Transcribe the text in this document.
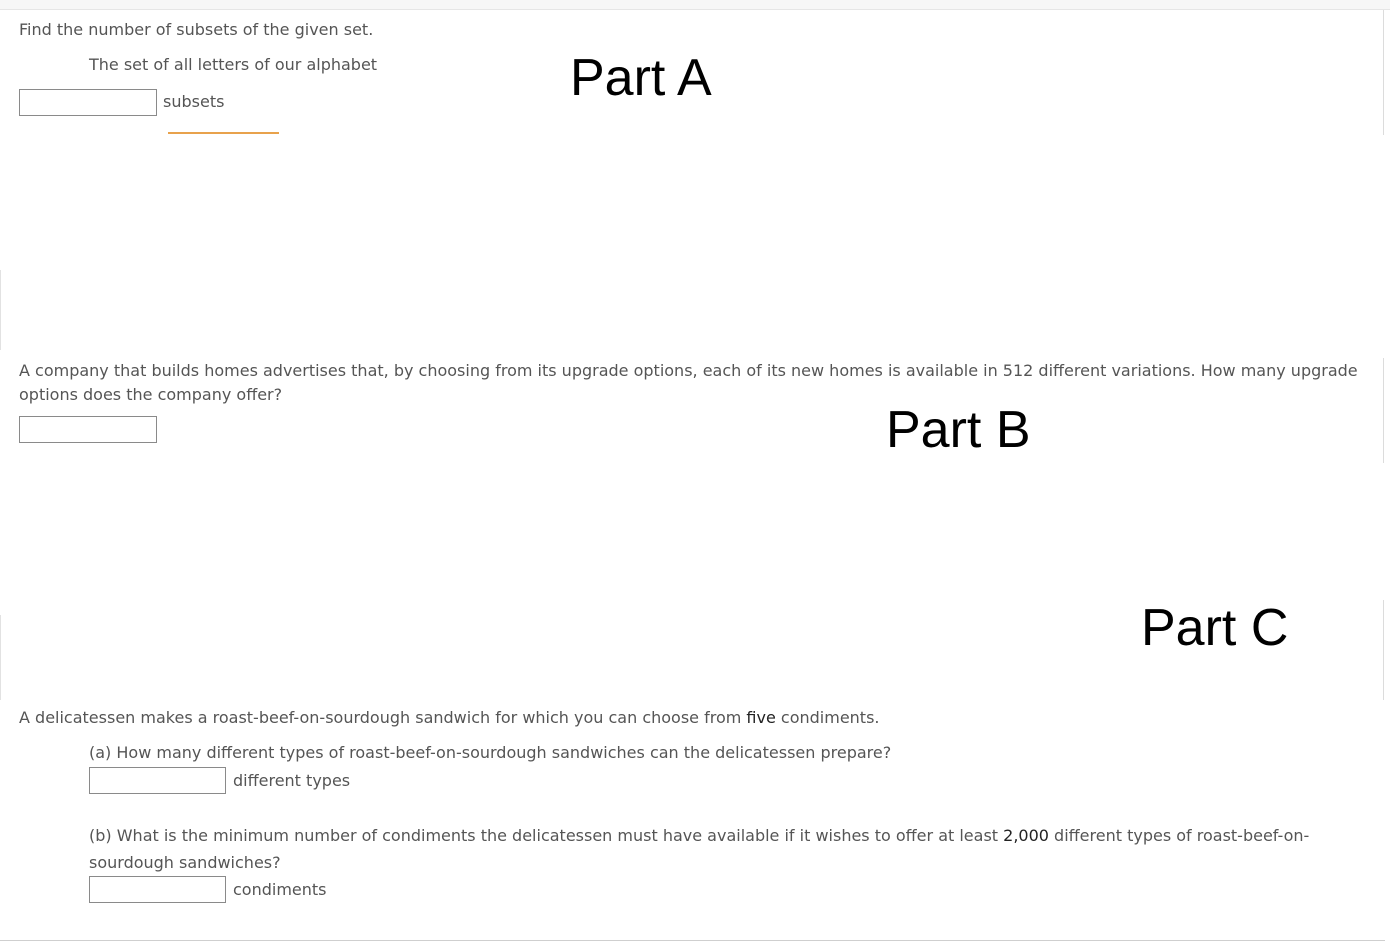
Find the number of subsets of the given set.
The set of all letters of our alphabet
subsets	Part A
A company that builds homes advertises that, by choosing from its upgrade options, each of its new homes is available in 512 different variations. How many upgrade options does the company offer?
Part B
Part C
A delicatessen makes a roast-beef-on-sourdough sandwich for which you can choose from five condiments.
(a) How many different types of roast-beef-on-sourdough sandwiches can the delicatessen prepare?
different types
(b) What is the minimum number of condiments the delicatessen must have available if it wishes to offer at least 2,000 different types of roast-beef-on-sourdough sandwiches?
condiments
